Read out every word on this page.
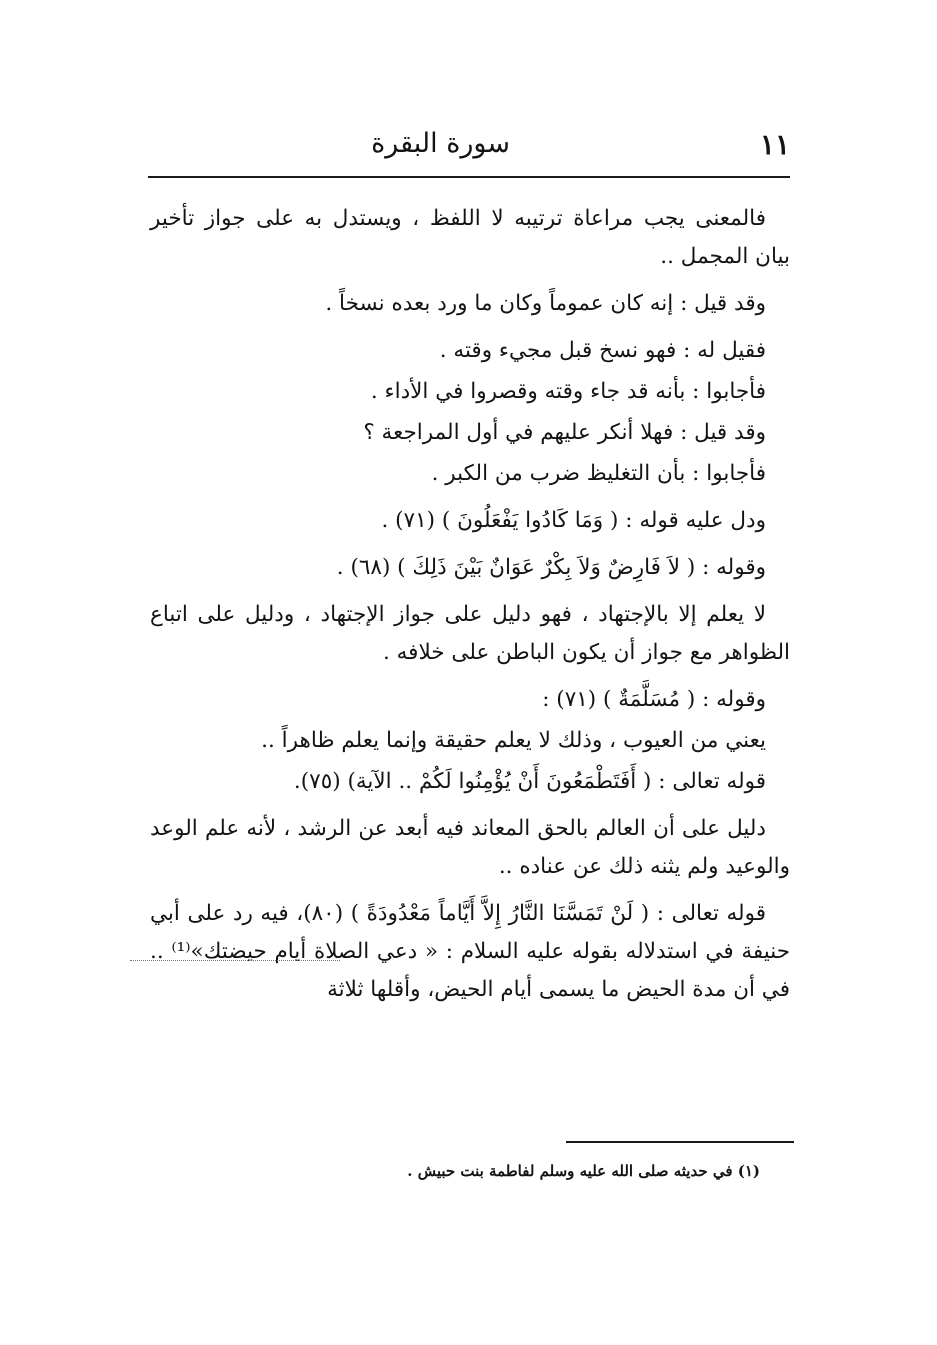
١١
سورة البقرة

فالمعنى يجب مراعاة ترتيبه لا اللفظ ، ويستدل به على جواز تأخير بيان المجمل ..

وقد قيل : إنه كان عموماً وكان ما ورد بعده نسخاً .

فقيل له : فهو نسخ قبل مجيء وقته .

فأجابوا : بأنه قد جاء وقته وقصروا في الأداء .

وقد قيل : فهلا أنكر عليهم في أول المراجعة ؟

فأجابوا : بأن التغليظ ضرب من الكبر .

ودل عليه قوله : ( وَمَا كَادُوا يَفْعَلُونَ ) (٧١) .

وقوله : ( لاَ فَارِضٌ وَلاَ بِكْرٌ عَوَانٌ بَيْنَ ذَلِكَ ) (٦٨) .

لا يعلم إلا بالإجتهاد ، فهو دليل على جواز الإجتهاد ، ودليل على اتباع الظواهر مع جواز أن يكون الباطن على خلافه .

وقوله : ( مُسَلَّمَةٌ ) (٧١) :

يعني من العيوب ، وذلك لا يعلم حقيقة وإنما يعلم ظاهراً ..

قوله تعالى : ( أَفَتَطْمَعُونَ أَنْ يُؤْمِنُوا لَكُمْ .. الآية) (٧٥).

دليل على أن العالم بالحق المعاند فيه أبعد عن الرشد ، لأنه علم الوعد والوعيد ولم يثنه ذلك عن عناده ..

قوله تعالى : ( لَنْ تَمَسَّنَا النَّارُ إِلاَّ أَيَّاماً مَعْدُودَةً ) (٨٠)، فيه رد على أبي حنيفة في استدلاله بقوله عليه السلام : « دعي الصلاة أيام حيضتك»⁽¹⁾ .. في أن مدة الحيض ما يسمى أيام الحيض، وأقلها ثلاثة

(١) في حديثه صلى الله عليه وسلم لفاطمة بنت حبيش .
